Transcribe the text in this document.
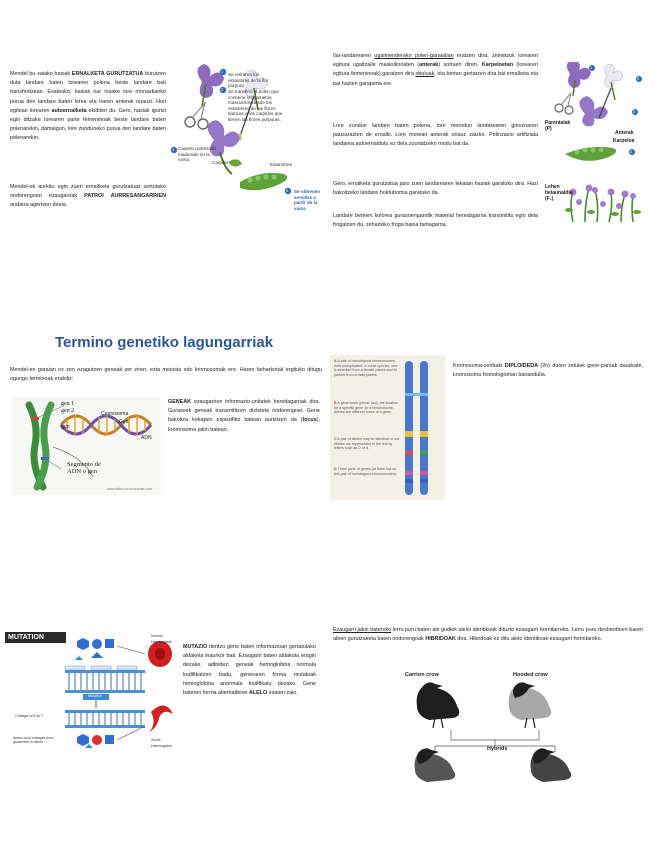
Mendel bu saiako hasiak ERNALKETA GURUTZATUA burutzen duta landare baten lorearen polena beste landare bati transferitzean. Esateako, hasiak har lozake lore monaskanko purua den landare baten lorea eta haren anterak onauzi. Hori egitean lorearen autoernalketa ekiditen du. Gero, hasiak igurtzi egin ditzake lorearen parte femeninoak beste landare baten polenarekin, damaigun, lore zuriduneko purua den landare baten polenarekin.
Mendel-ek aurkitu egin zuen ernaltketa gurutzatuaz sortutako ondorengoan ezaugarriak PATROI AURRESANGARRIEN arabera agertzen direla.
Se retiraron los estambres de la flor púrpura.
Se transfirió el polen que contiene los gametos masculinos desde los estambres de las flores blancas a los carpelos que tienen las flores púrpuras.
Carpelo polinizado madurado en la vaina.
Carpelo	Estambres
Se obtienen semillas a partir de la vaina
1
2
3
4
Ilar-landarearen ugalmenderako polen-garaiatian eratzen dira, zeinetzuk lorearen egitura ugaltzaile maskulinoaten (anterak) sortuen diren. Karpeloetan (lorearen egitura femeninoak) garatzen dira obuluak, eta bertan gertatzen dira bai ernalketa eta bai hazien garapena ere.
Lore zundun landare baten polena, lore morodun landarearen ginozoaren pausarazten de ernalki. Lore morean anterak onauz zaizko. Polinzazio artifiziala landarea autoernaldutu ez dela zuurtatzeko modu bat da.
Gero, ernalketa gurutzatua jaso zuen landarearen lekatan haziak garatuko dira. Hazi bakoitzeko landare hoktubomia garatuko da.
Landare bemien kolorea gurasoengandik material heredagarria transmititu egin dela frogatzen du, zehazkiko froga baina behagarria.
Parentalak (P)
Anterak
Karpeloa
Lehen belaunaldia (F₁)
1
2
3
4
Termino genetiko lagungarriak
Mendel-en garaian ez zen ezagutzen geneak zer ziren, ezta meiosia edo kromosomak ere. Haren beharkotak ergituko ditugu ogungo terminoak erabiliz:
gen 1
gen 2
gen
Cromosoma
Gen
ADN
Segmento de ADN o gen
www.aiboro.cromosomas.com
GENEAK ezaugarrien informazio-unitatek heredagarriak dira. Gurasoek geneak transmititzen diztsieta ondorengoei. Gene bakoitza kokapen espezifiko batean aurkitzen da (locus), kromosoma jakin batean.
A A pair of homologous chromosomes, both unduplicated. In most species, one is inherited from a female parent and its partner from a male parent.
B A gene locus (plural, loci), the location for a specific gene on a chromosome. Alleles are different forms of a gene.
C A pair of alleles may be identical or not. Alleles are represented in the text by letters such as D or d.
D Three pairs of genes (at three loci on this pair of homologous chromosomes).
Kromosoma-zenbaki DIPLOIDEDA (2n) duten zeluiek gene-parsak dauzkate, kromosoma homologoetan banandulia.
MUTATION	Normal Haemoglobin
Change of A to T
Amino acid changes from glutamine to valine
Sickle Haemoglobin
Mutation
MUTAZIO deritzo gene baten informazioan gertatutako aldaketa inaurkor bati. Ezaugarri baten aldakota eragin dezake, adibidez, geneak hemoglobina normala kodifikatzen badu, generaren forma mutatuak hemoglobina anormala kodifikatu dezake. Gene bateren forma alternatiboei ALELO esaten zaio.
Ezaugarri jakin bateroko lerru puru baten ale gudiek aleloi identikoak dituzte ezaugarri hornitarreko. Lerru puru desberdinen baren aleen gurutzaketa baten ondorengoak HIBRIDOAK dira. Hibridoak ez ditu alelo identikoak ezaugarri hornitaroko.
Carrion crow	Hooded crow
Hybrids
